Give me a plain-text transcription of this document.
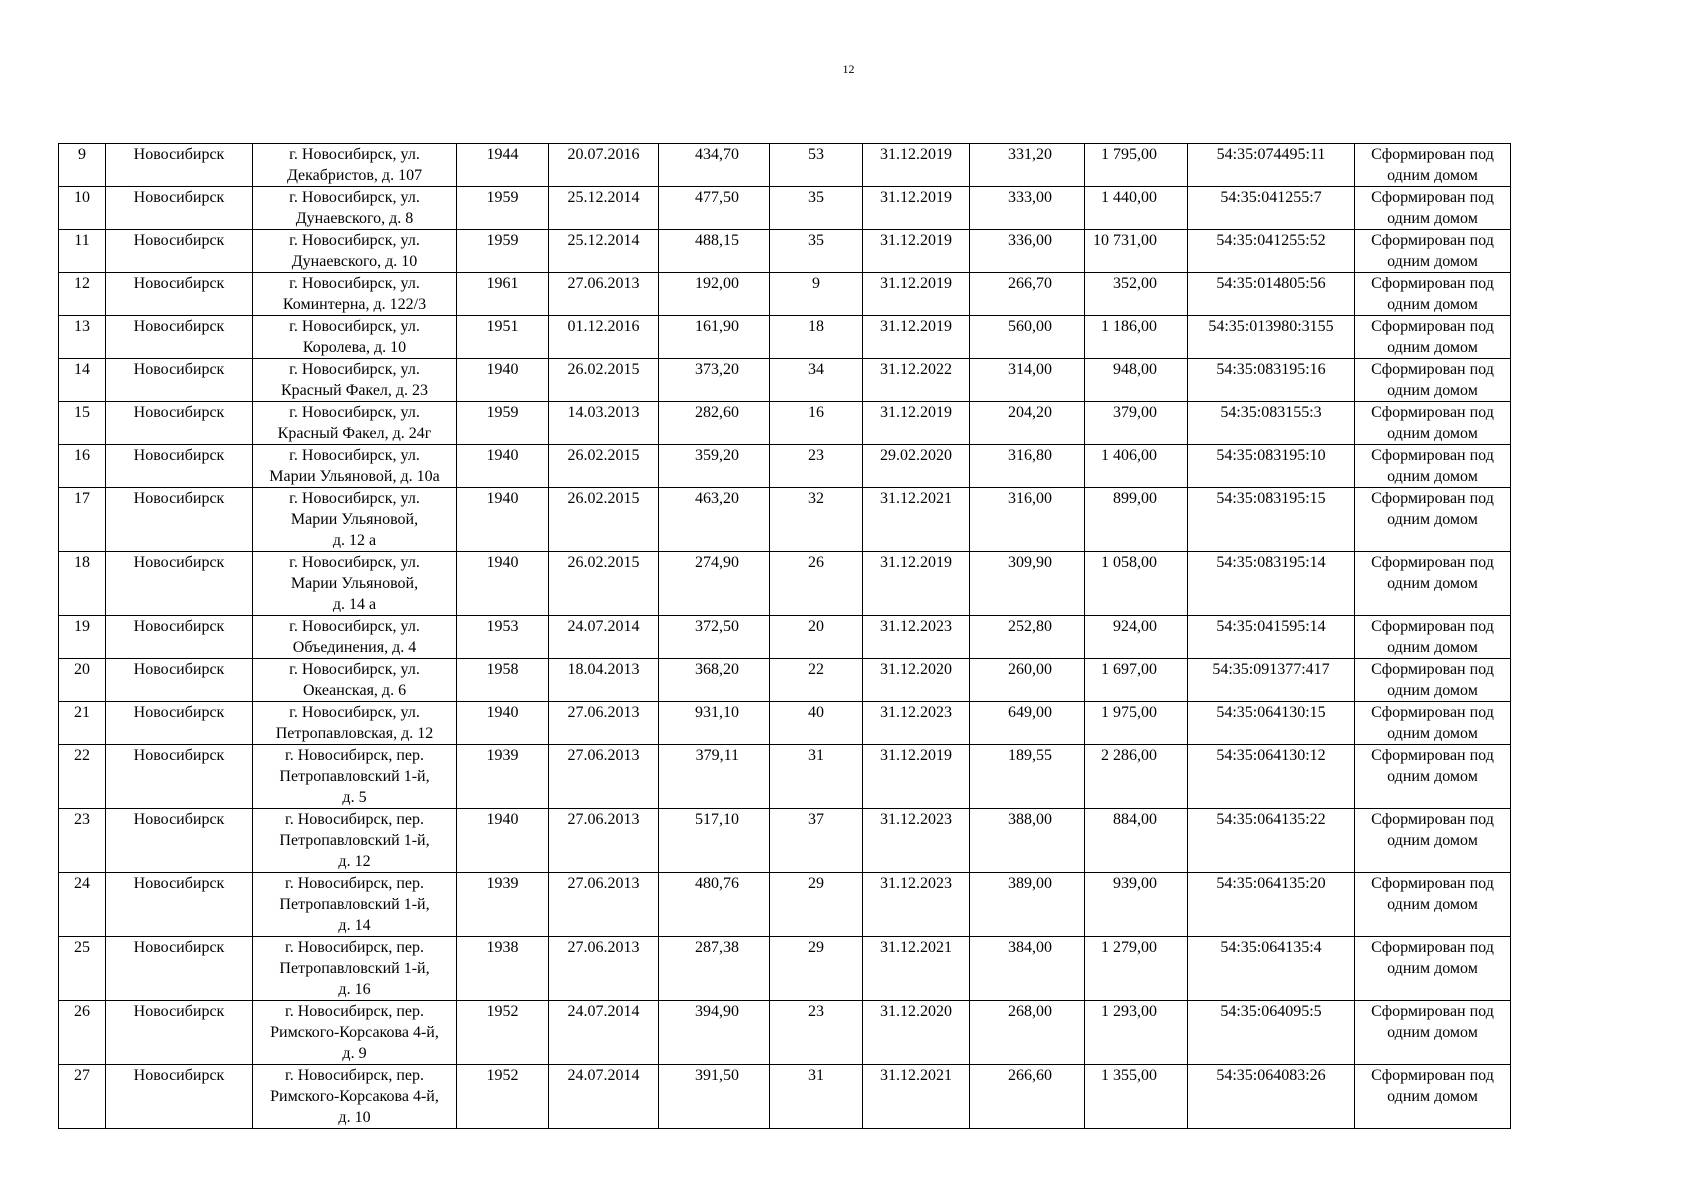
12
9	Новосибирск	г. Новосибирск, ул.
Декабристов, д. 107	1944	20.07.2016	434,70	53	31.12.2019	331,20	1 795,00	54:35:074495:11	Сформирован под
одним домом

10	Новосибирск	г. Новосибирск, ул.
Дунаевского, д. 8	1959	25.12.2014	477,50	35	31.12.2019	333,00	1 440,00	54:35:041255:7	Сформирован под
одним домом

11	Новосибирск	г. Новосибирск, ул.
Дунаевского, д. 10	1959	25.12.2014	488,15	35	31.12.2019	336,00	10 731,00	54:35:041255:52	Сформирован под
одним домом

12	Новосибирск	г. Новосибирск, ул.
Коминтерна, д. 122/3	1961	27.06.2013	192,00	9	31.12.2019	266,70	352,00	54:35:014805:56	Сформирован под
одним домом

13	Новосибирск	г. Новосибирск, ул.
Королева, д. 10	1951	01.12.2016	161,90	18	31.12.2019	560,00	1 186,00	54:35:013980:3155	Сформирован под
одним домом

14	Новосибирск	г. Новосибирск, ул.
Красный Факел, д. 23	1940	26.02.2015	373,20	34	31.12.2022	314,00	948,00	54:35:083195:16	Сформирован под
одним домом

15	Новосибирск	г. Новосибирск, ул.
Красный Факел, д. 24г	1959	14.03.2013	282,60	16	31.12.2019	204,20	379,00	54:35:083155:3	Сформирован под
одним домом

16	Новосибирск	г. Новосибирск, ул.
Марии Ульяновой, д. 10а	1940	26.02.2015	359,20	23	29.02.2020	316,80	1 406,00	54:35:083195:10	Сформирован под
одним домом

17	Новосибирск	г. Новосибирск, ул.
Марии Ульяновой,
д. 12 а	1940	26.02.2015	463,20	32	31.12.2021	316,00	899,00	54:35:083195:15	Сформирован под
одним домом

18	Новосибирск	г. Новосибирск, ул.
Марии Ульяновой,
д. 14 а	1940	26.02.2015	274,90	26	31.12.2019	309,90	1 058,00	54:35:083195:14	Сформирован под
одним домом

19	Новосибирск	г. Новосибирск, ул.
Объединения, д. 4	1953	24.07.2014	372,50	20	31.12.2023	252,80	924,00	54:35:041595:14	Сформирован под
одним домом

20	Новосибирск	г. Новосибирск, ул.
Океанская, д. 6	1958	18.04.2013	368,20	22	31.12.2020	260,00	1 697,00	54:35:091377:417	Сформирован под
одним домом

21	Новосибирск	г. Новосибирск, ул.
Петропавловская, д. 12	1940	27.06.2013	931,10	40	31.12.2023	649,00	1 975,00	54:35:064130:15	Сформирован под
одним домом

22	Новосибирск	г. Новосибирск, пер.
Петропавловский 1-й,
д. 5	1939	27.06.2013	379,11	31	31.12.2019	189,55	2 286,00	54:35:064130:12	Сформирован под
одним домом

23	Новосибирск	г. Новосибирск, пер.
Петропавловский 1-й,
д. 12	1940	27.06.2013	517,10	37	31.12.2023	388,00	884,00	54:35:064135:22	Сформирован под
одним домом

24	Новосибирск	г. Новосибирск, пер.
Петропавловский 1-й,
д. 14	1939	27.06.2013	480,76	29	31.12.2023	389,00	939,00	54:35:064135:20	Сформирован под
одним домом

25	Новосибирск	г. Новосибирск, пер.
Петропавловский 1-й,
д. 16	1938	27.06.2013	287,38	29	31.12.2021	384,00	1 279,00	54:35:064135:4	Сформирован под
одним домом

26	Новосибирск	г. Новосибирск, пер.
Римского-Корсакова 4-й,
д. 9	1952	24.07.2014	394,90	23	31.12.2020	268,00	1 293,00	54:35:064095:5	Сформирован под
одним домом

27	Новосибирск	г. Новосибирск, пер.
Римского-Корсакова 4-й,
д. 10	1952	24.07.2014	391,50	31	31.12.2021	266,60	1 355,00	54:35:064083:26	Сформирован под
одним домом
